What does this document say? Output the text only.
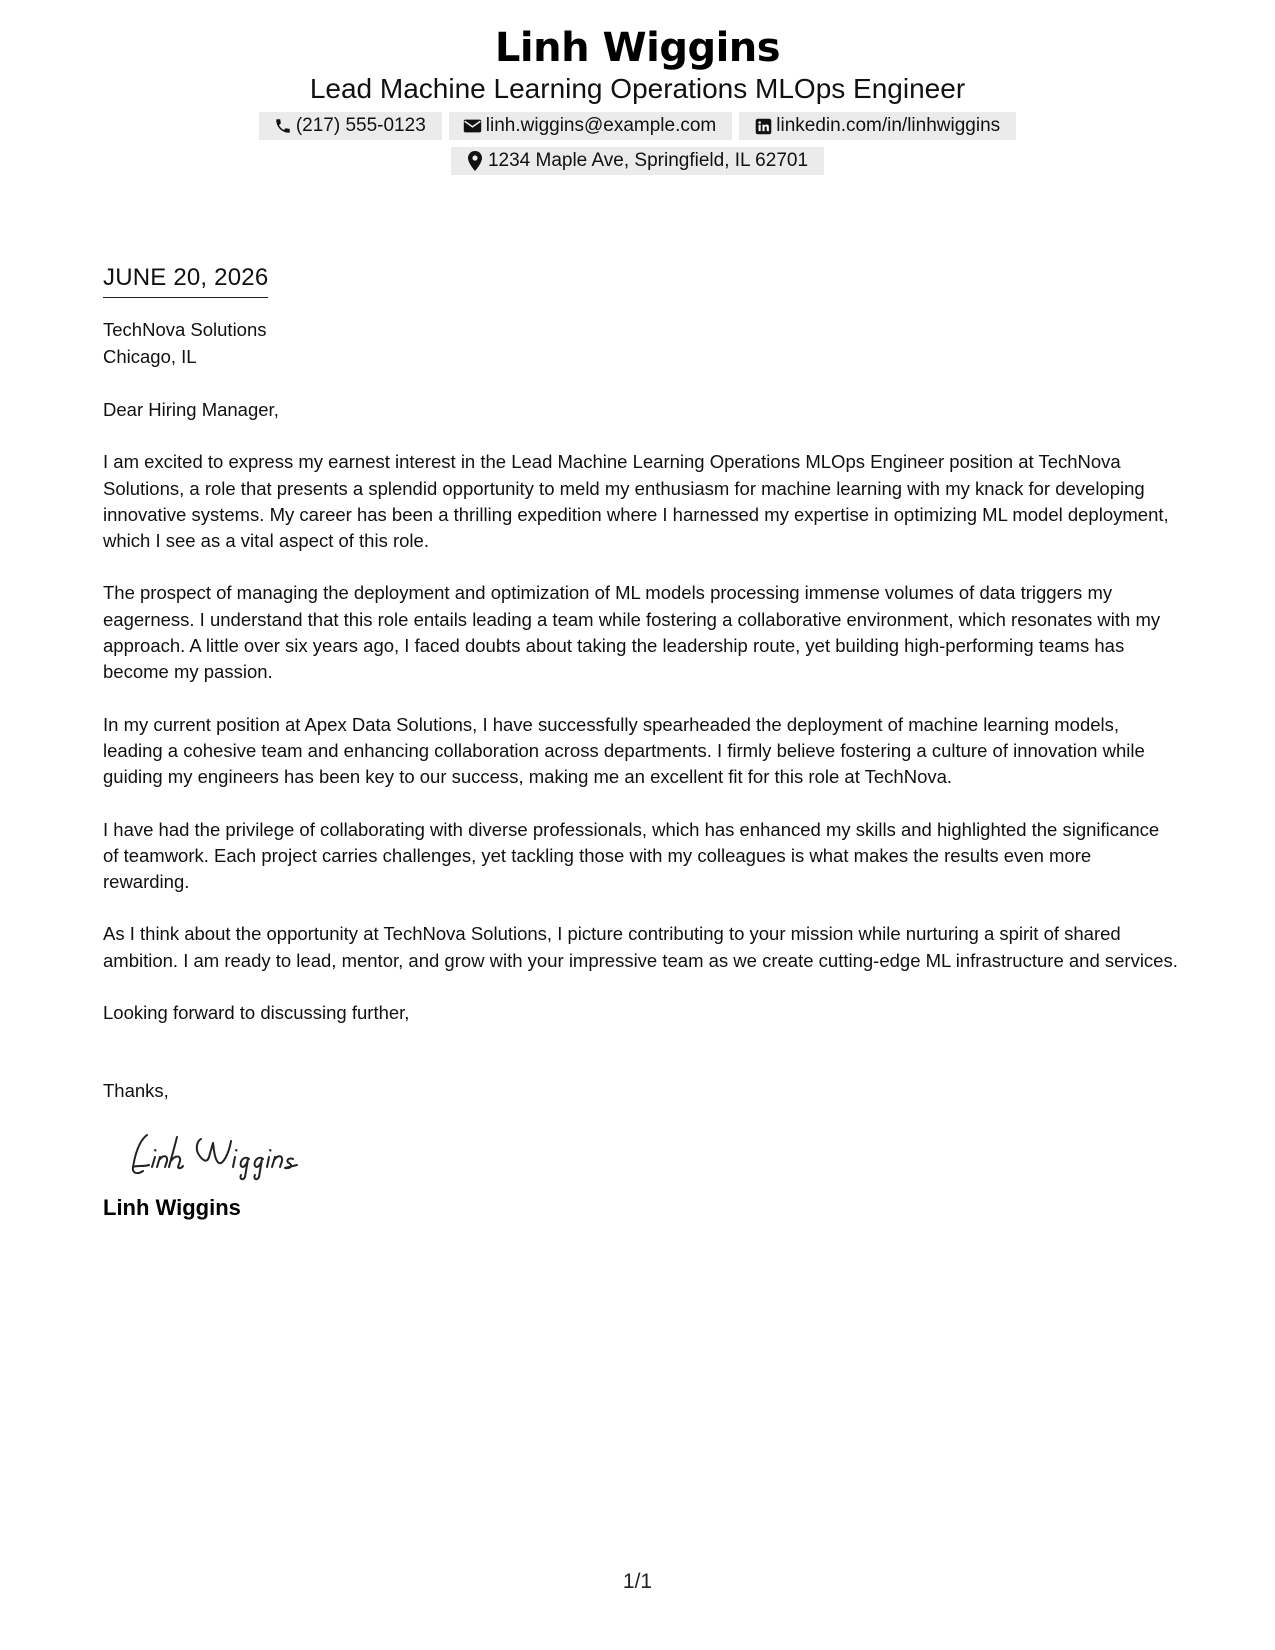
Linh Wiggins
Lead Machine Learning Operations MLOps Engineer
(217) 555-0123	linh.wiggins@example.com	linkedin.com/in/linhwiggins
1234 Maple Ave, Springfield, IL 62701
JUNE 20, 2026
TechNova Solutions
Chicago, IL
Dear Hiring Manager,

I am excited to express my earnest interest in the Lead Machine Learning Operations MLOps Engineer position at TechNova Solutions, a role that presents a splendid opportunity to meld my enthusiasm for machine learning with my knack for developing innovative systems. My career has been a thrilling expedition where I harnessed my expertise in optimizing ML model deployment, which I see as a vital aspect of this role.

The prospect of managing the deployment and optimization of ML models processing immense volumes of data triggers my eagerness. I understand that this role entails leading a team while fostering a collaborative environment, which resonates with my approach. A little over six years ago, I faced doubts about taking the leadership route, yet building high-performing teams has become my passion.

In my current position at Apex Data Solutions, I have successfully spearheaded the deployment of machine learning models, leading a cohesive team and enhancing collaboration across departments. I firmly believe fostering a culture of innovation while guiding my engineers has been key to our success, making me an excellent fit for this role at TechNova.

I have had the privilege of collaborating with diverse professionals, which has enhanced my skills and highlighted the significance of teamwork. Each project carries challenges, yet tackling those with my colleagues is what makes the results even more rewarding.

As I think about the opportunity at TechNova Solutions, I picture contributing to your mission while nurturing a spirit of shared ambition. I am ready to lead, mentor, and grow with your impressive team as we create cutting-edge ML infrastructure and services.

Looking forward to discussing further,
Thanks,
Linh Wiggins
1/1
